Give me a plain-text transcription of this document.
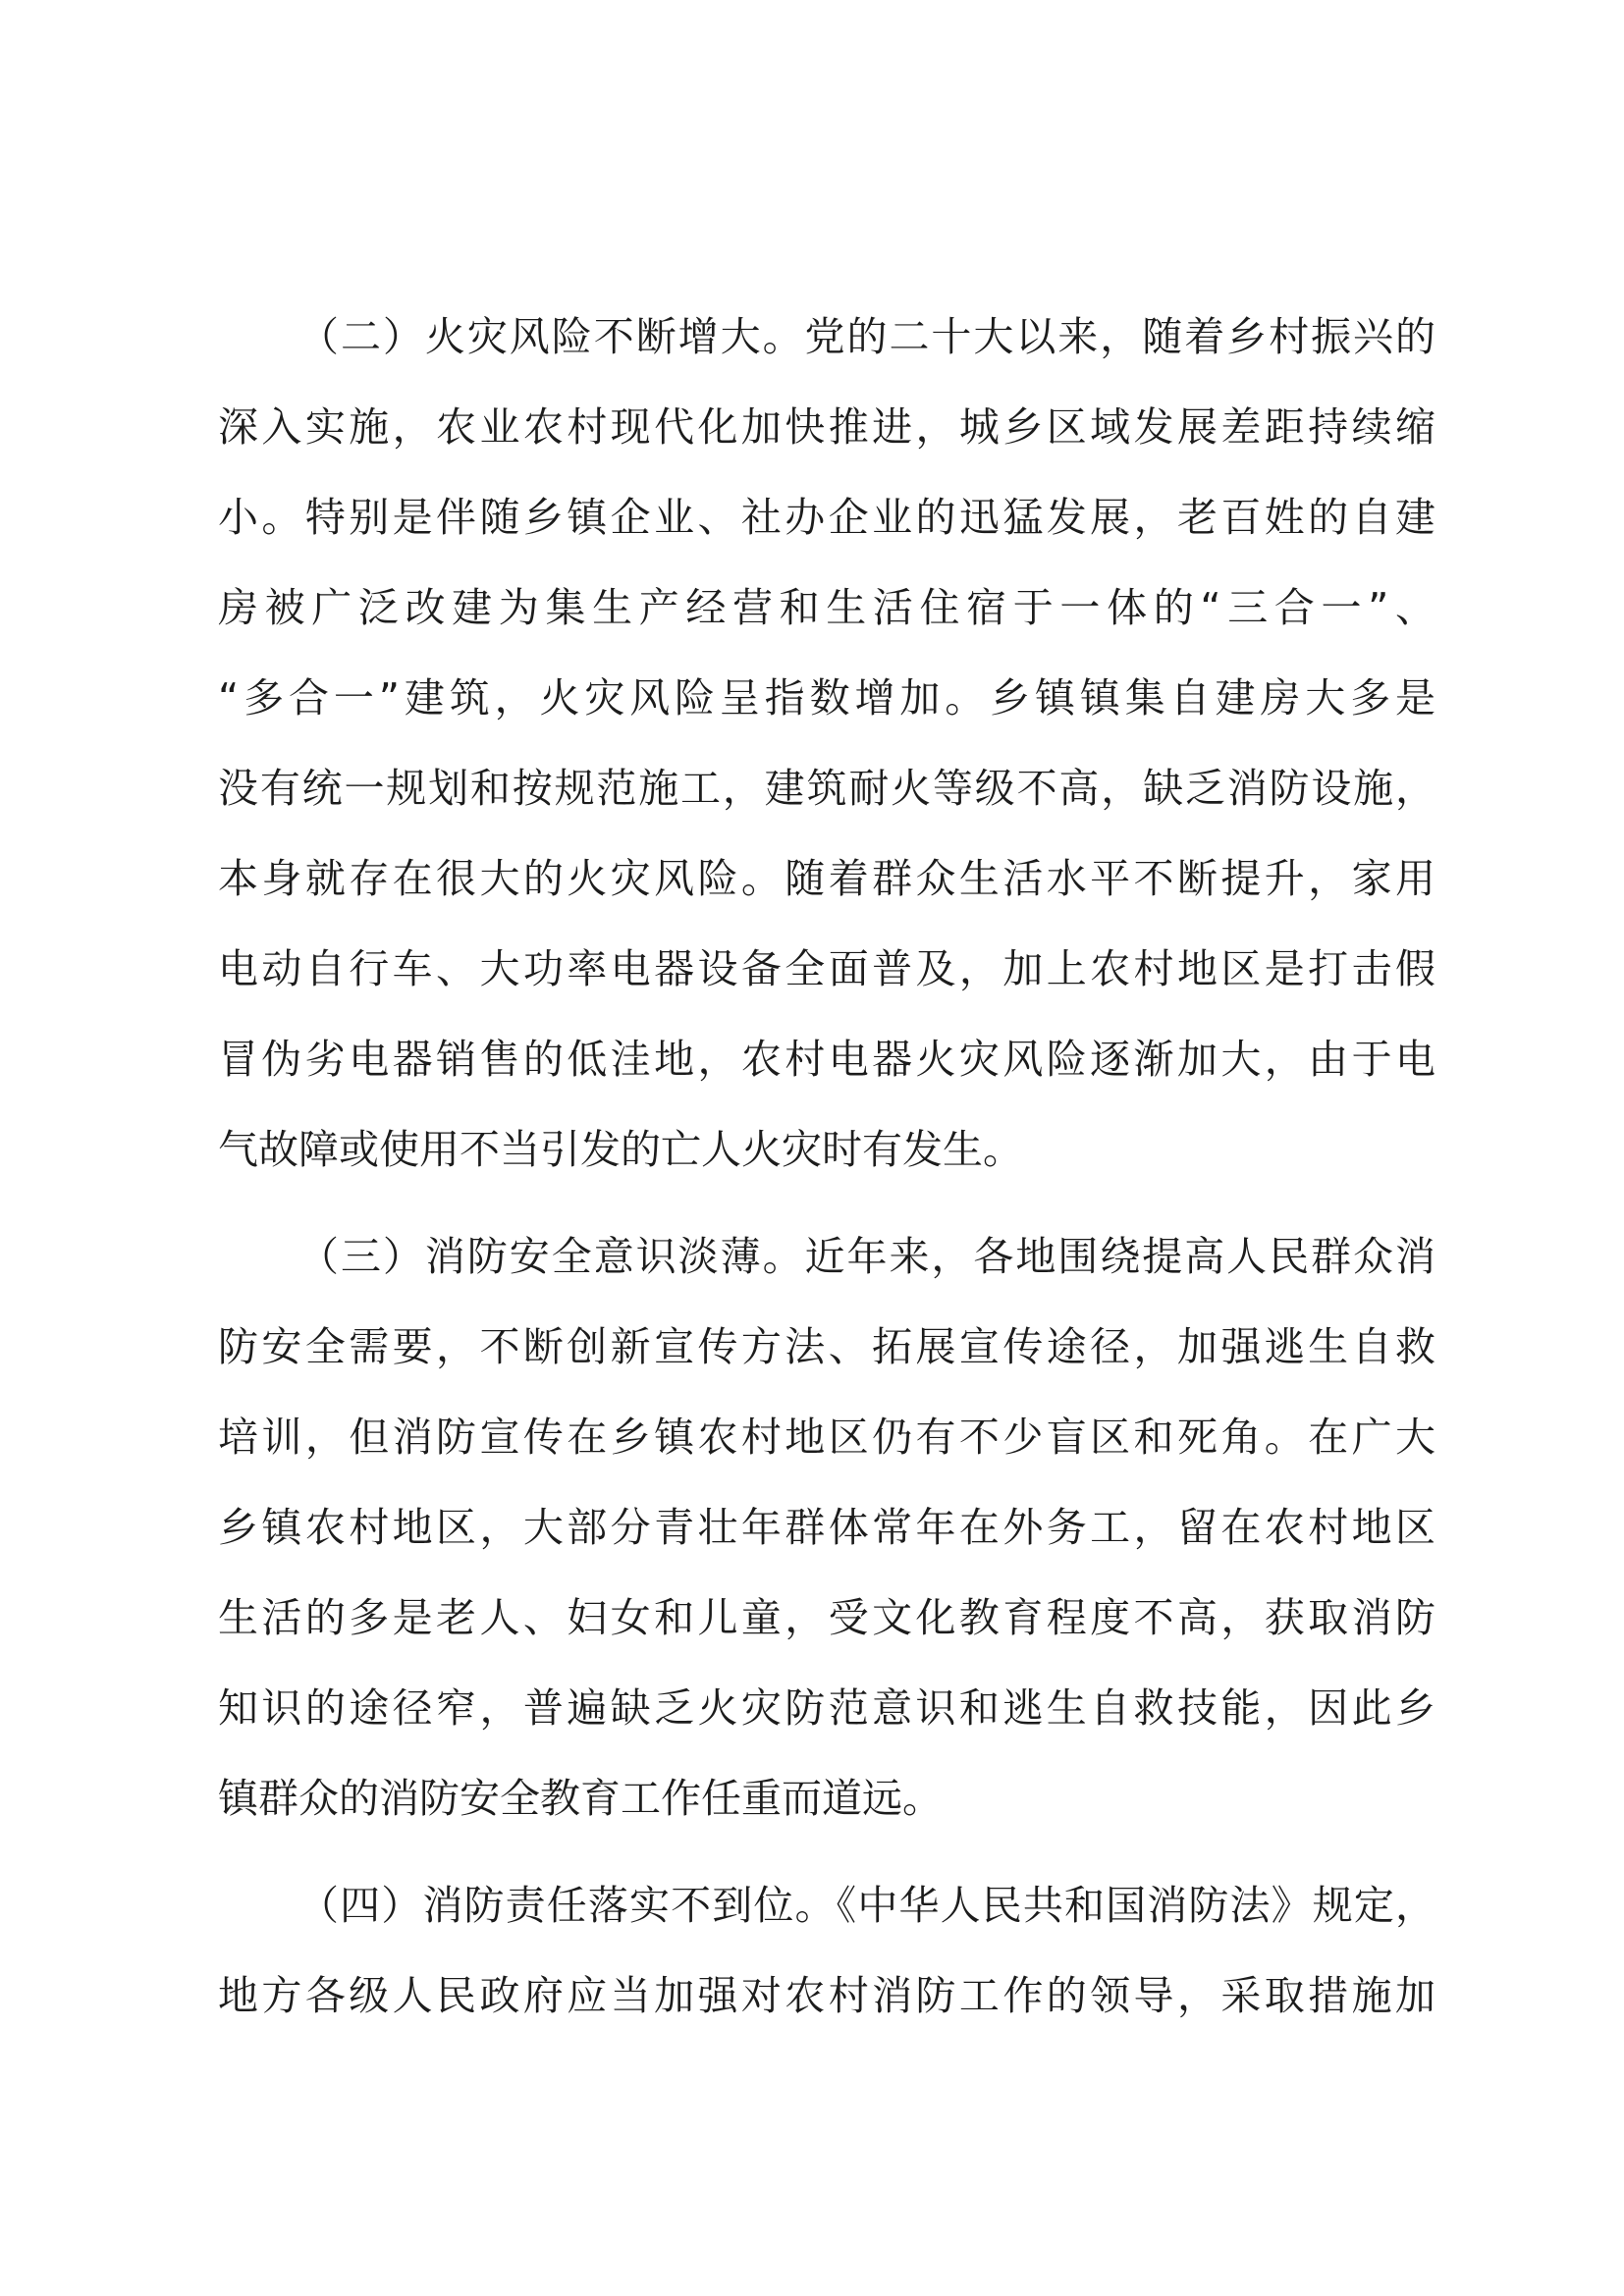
（二）火灾风险不断增大。党的二十大以来，随着乡村振兴的
深入实施，农业农村现代化加快推进，城乡区域发展差距持续缩
小。特别是伴随乡镇企业、社办企业的迅猛发展，老百姓的自建
房被广泛改建为集生产经营和生活住宿于一体的“三合一”、
“多合一”建筑，火灾风险呈指数增加。乡镇镇集自建房大多是
没有统一规划和按规范施工，建筑耐火等级不高，缺乏消防设施，
本身就存在很大的火灾风险。随着群众生活水平不断提升，家用
电动自行车、大功率电器设备全面普及，加上农村地区是打击假
冒伪劣电器销售的低洼地，农村电器火灾风险逐渐加大，由于电
气故障或使用不当引发的亡人火灾时有发生。
（三）消防安全意识淡薄。近年来，各地围绕提高人民群众消
防安全需要，不断创新宣传方法、拓展宣传途径，加强逃生自救
培训，但消防宣传在乡镇农村地区仍有不少盲区和死角。在广大
乡镇农村地区，大部分青壮年群体常年在外务工，留在农村地区
生活的多是老人、妇女和儿童，受文化教育程度不高，获取消防
知识的途径窄，普遍缺乏火灾防范意识和逃生自救技能，因此乡
镇群众的消防安全教育工作任重而道远。
（四）消防责任落实不到位。《中华人民共和国消防法》规定，
地方各级人民政府应当加强对农村消防工作的领导，采取措施加
